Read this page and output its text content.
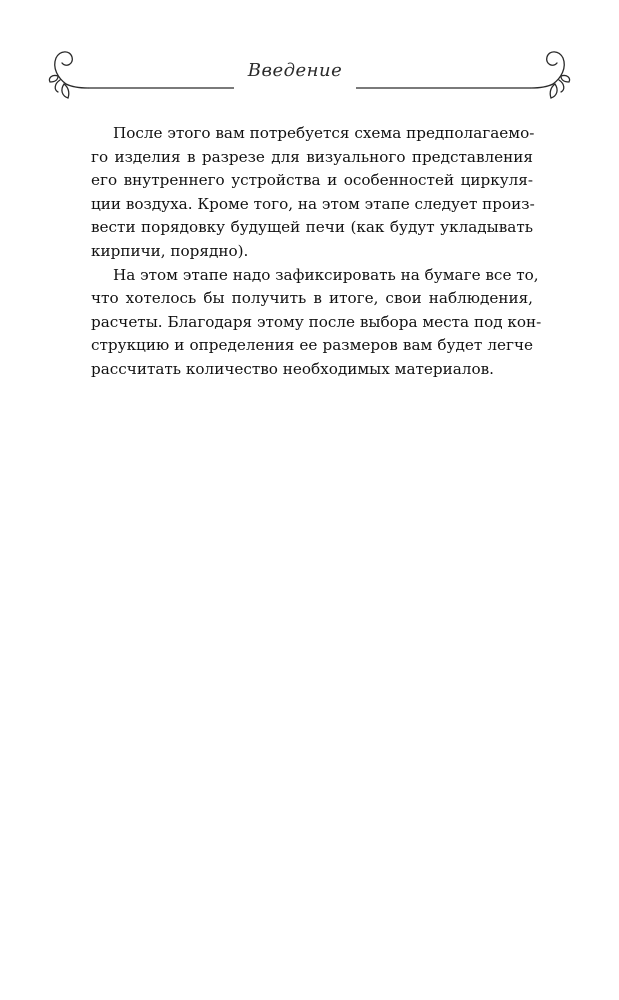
Введение

После этого вам потребуется схема предполагаемо-
го изделия в разрезе для визуального представления
его внутреннего устройства и особенностей циркуля-
ции воздуха. Кроме того, на этом этапе следует произ-
вести порядовку будущей печи (как будут укладывать
кирпичи, порядно).

На этом этапе надо зафиксировать на бумаге все то,
что хотелось бы получить в итоге, свои наблюдения,
расчеты. Благодаря этому после выбора места под кон-
струкцию и определения ее размеров вам будет легче
рассчитать количество необходимых материалов.
